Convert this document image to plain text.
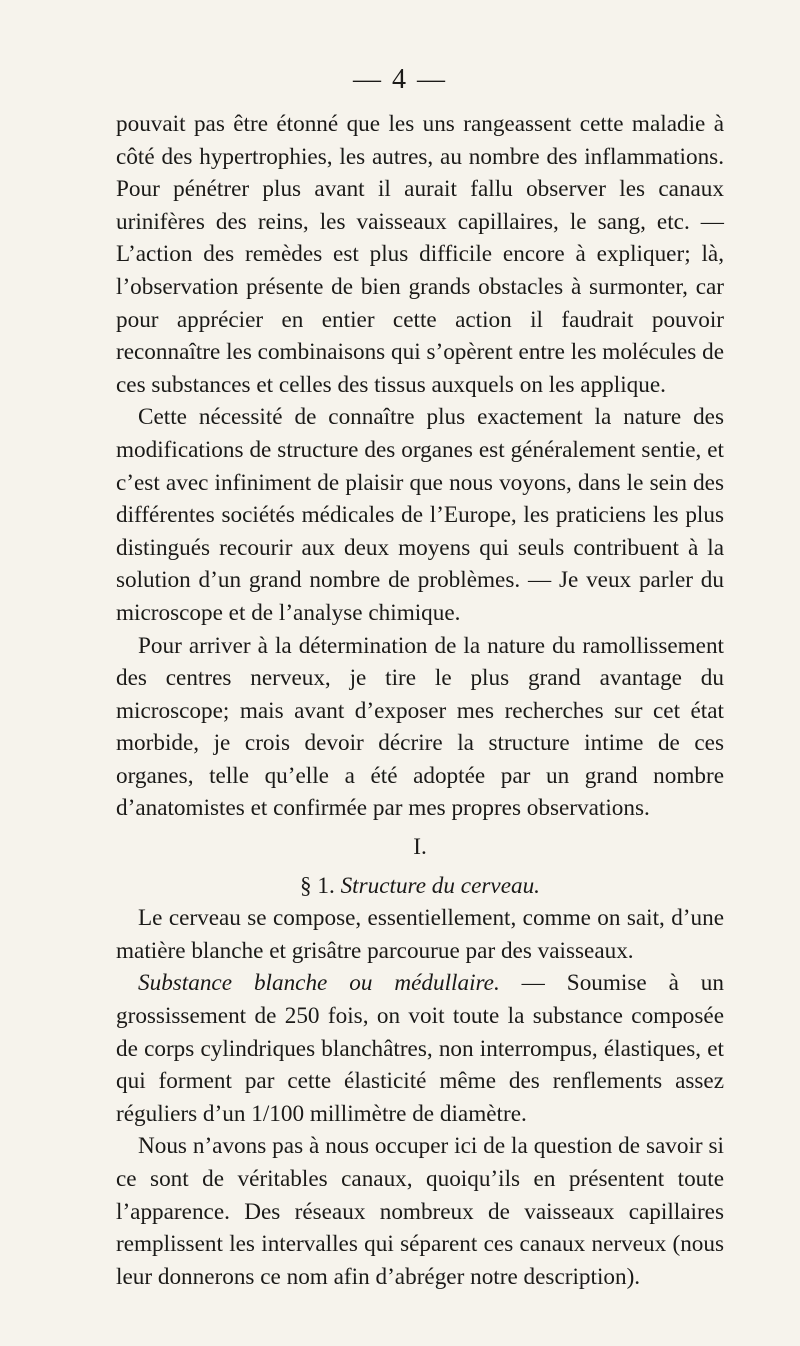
— 4 —

pouvait pas être étonné que les uns rangeassent cette maladie à côté des hypertrophies, les autres, au nombre des inflammations. Pour pénétrer plus avant il aurait fallu observer les canaux urinifères des reins, les vaisseaux capillaires, le sang, etc. — L’action des remèdes est plus difficile encore à expliquer; là, l’observation présente de bien grands obstacles à surmonter, car pour apprécier en entier cette action il faudrait pouvoir reconnaître les combinaisons qui s’opèrent entre les molécules de ces substances et celles des tissus auxquels on les applique.

Cette nécessité de connaître plus exactement la nature des modifications de structure des organes est généralement sentie, et c’est avec infiniment de plaisir que nous voyons, dans le sein des différentes sociétés médicales de l’Europe, les praticiens les plus distingués recourir aux deux moyens qui seuls contribuent à la solution d’un grand nombre de problèmes. — Je veux parler du microscope et de l’analyse chimique.

Pour arriver à la détermination de la nature du ramollissement des centres nerveux, je tire le plus grand avantage du microscope; mais avant d’exposer mes recherches sur cet état morbide, je crois devoir décrire la structure intime de ces organes, telle qu’elle a été adoptée par un grand nombre d’anatomistes et confirmée par mes propres observations.

I.

§ 1. Structure du cerveau.

Le cerveau se compose, essentiellement, comme on sait, d’une matière blanche et grisâtre parcourue par des vaisseaux.

Substance blanche ou médullaire. — Soumise à un grossissement de 250 fois, on voit toute la substance composée de corps cylindriques blanchâtres, non interrompus, élastiques, et qui forment par cette élasticité même des renflements assez réguliers d’un 1/100 millimètre de diamètre.

Nous n’avons pas à nous occuper ici de la question de savoir si ce sont de véritables canaux, quoiqu’ils en présentent toute l’apparence. Des réseaux nombreux de vaisseaux capillaires remplissent les intervalles qui séparent ces canaux nerveux (nous leur donnerons ce nom afin d’abréger notre description).
